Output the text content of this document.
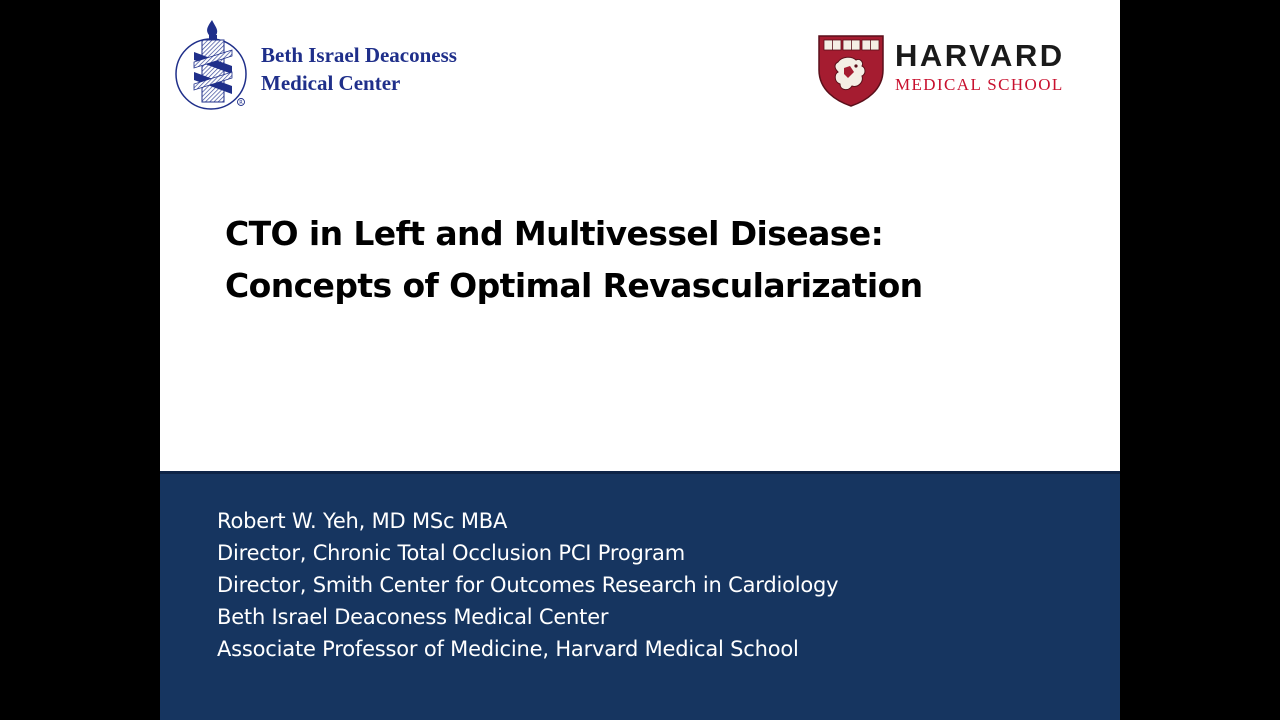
R
Beth Israel Deaconess
Medical Center
HARVARD
MEDICAL SCHOOL
CTO in Left and Multivessel Disease:
Concepts of Optimal Revascularization
Robert W. Yeh, MD MSc MBA
Director, Chronic Total Occlusion PCI Program
Director, Smith Center for Outcomes Research in Cardiology
Beth Israel Deaconess Medical Center
Associate Professor of Medicine, Harvard Medical School
